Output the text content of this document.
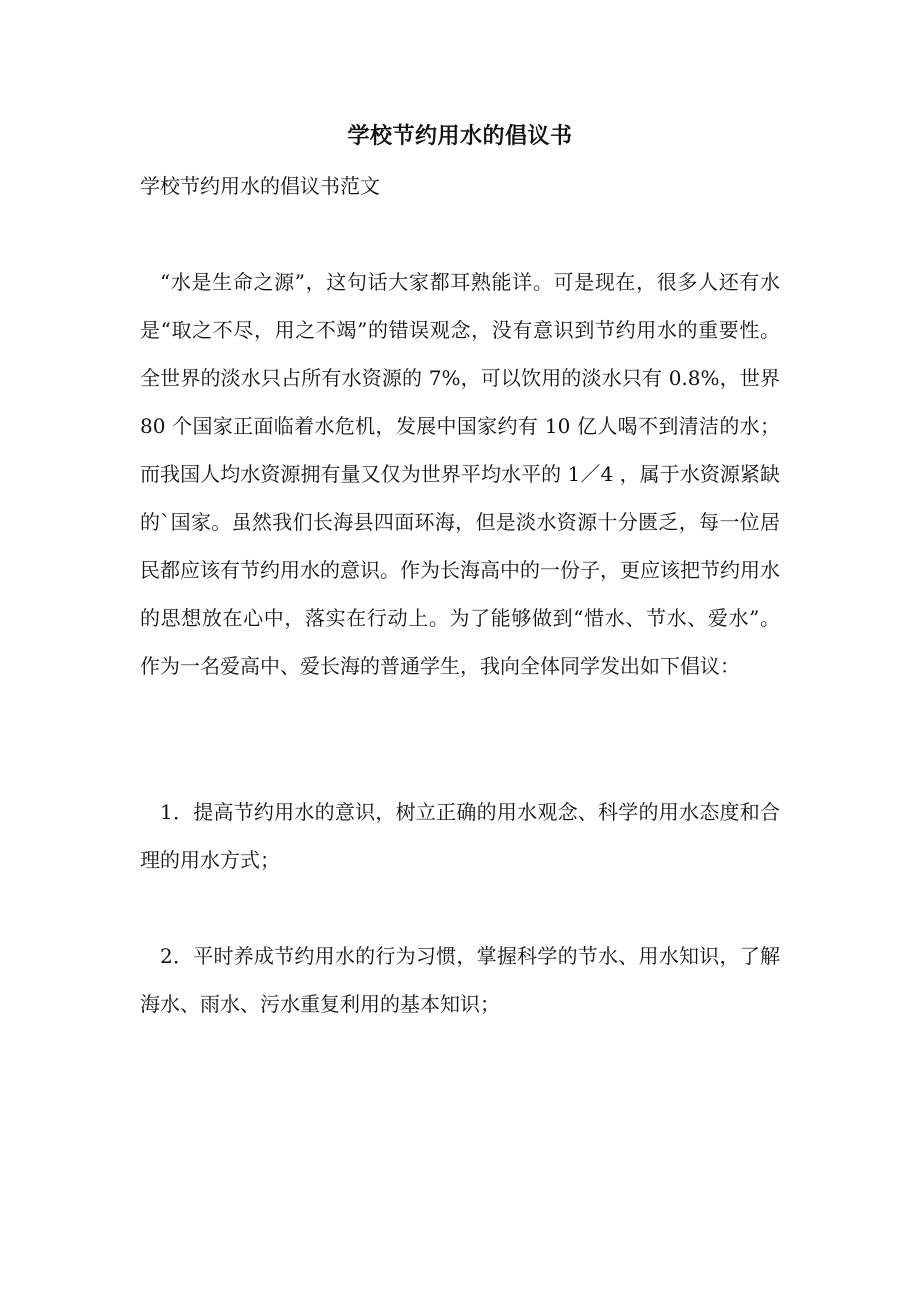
学校节约用水的倡议书
学校节约用水的倡议书范文
“水是生命之源”，这句话大家都耳熟能详。可是现在，很多人还有水是“取之不尽，用之不竭”的错误观念，没有意识到节约用水的重要性。全世界的淡水只占所有水资源的 7%，可以饮用的淡水只有 0.8%，世界 80 个国家正面临着水危机，发展中国家约有 10 亿人喝不到清洁的水；而我国人均水资源拥有量又仅为世界平均水平的 1／4 ，属于水资源紧缺的`国家。虽然我们长海县四面环海，但是淡水资源十分匮乏，每一位居民都应该有节约用水的意识。作为长海高中的一份子，更应该把节约用水的思想放在心中，落实在行动上。为了能够做到“惜水、节水、爱水”。作为一名爱高中、爱长海的普通学生，我向全体同学发出如下倡议：
1．提高节约用水的意识，树立正确的用水观念、科学的用水态度和合理的用水方式；
2．平时养成节约用水的行为习惯，掌握科学的节水、用水知识，了解海水、雨水、污水重复利用的基本知识；
